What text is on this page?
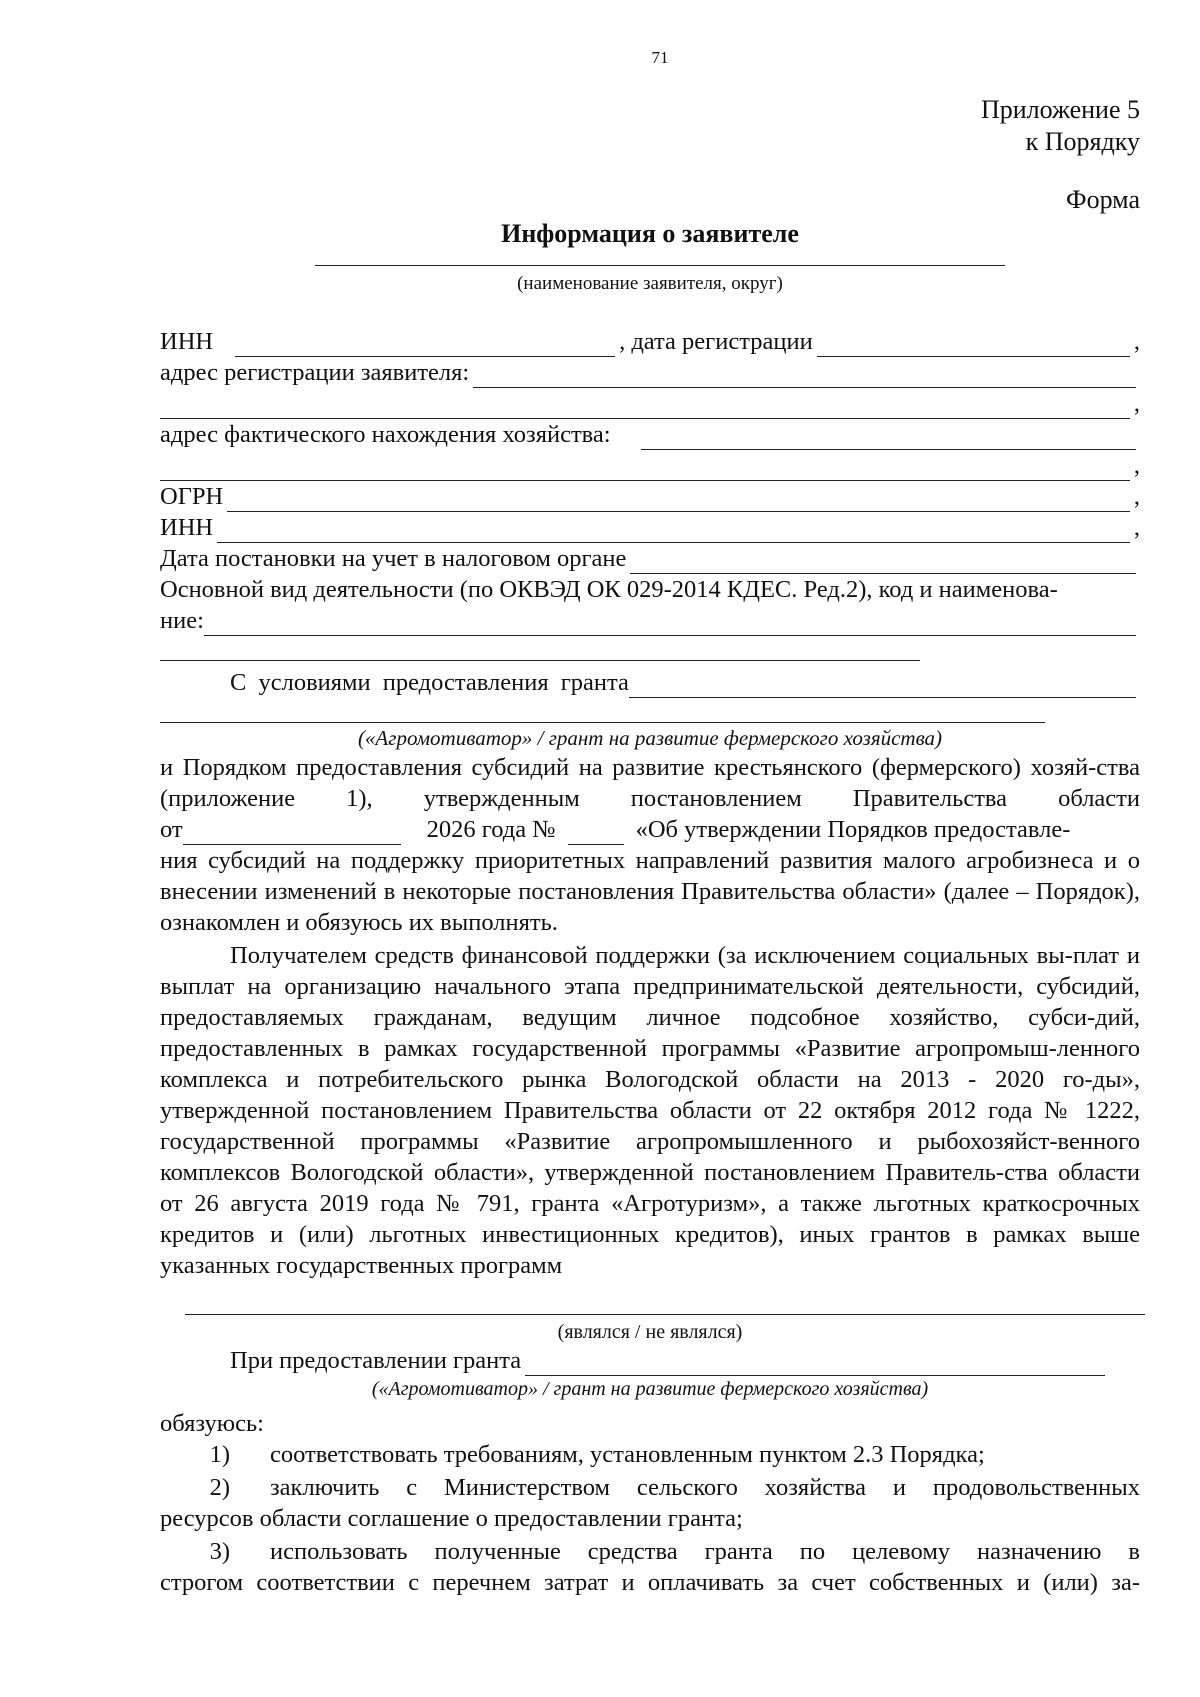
71
Приложение 5
к Порядку
Форма
Информация о заявителе
(наименование заявителя, округ)
ИНН	, дата регистрации	,
адрес регистрации заявителя:
,
адрес фактического нахождения хозяйства:
,
ОГРН	,
ИНН	,
Дата постановки на учет в налоговом органе
Основной вид деятельности (по ОКВЭД ОК 029-2014 КДЕС. Ред.2), код и наименова-
ние:
С условиями предоставления гранта
(«Агромотиватор» / грант на развитие фермерского хозяйства)
и Порядком предоставления субсидий на развитие крестьянского (фермерского) хозяй-ства (приложение 1), утвержденным постановлением Правительства области
от	2026 года №	«Об утверждении Порядков предоставле-
ния субсидий на поддержку приоритетных направлений развития малого агробизнеса и о внесении изменений в некоторые постановления Правительства области» (далее – Порядок), ознакомлен и обязуюсь их выполнять.
Получателем средств финансовой поддержки (за исключением социальных вы-плат и выплат на организацию начального этапа предпринимательской деятельности, субсидий, предоставляемых гражданам, ведущим личное подсобное хозяйство, субси-дий, предоставленных в рамках государственной программы «Развитие агропромыш-ленного комплекса и потребительского рынка Вологодской области на 2013 - 2020 го-ды», утвержденной постановлением Правительства области от 22 октября 2012 года № 1222, государственной программы «Развитие агропромышленного и рыбохозяйст-венного комплексов Вологодской области», утвержденной постановлением Правитель-ства области от 26 августа 2019 года № 791, гранта «Агротуризм», а также льготных краткосрочных кредитов и (или) льготных инвестиционных кредитов), иных грантов в рамках выше указанных государственных программ
(являлся / не являлся)
При предоставлении гранта
(«Агромотиватор» / грант на развитие фермерского хозяйства)
обязуюсь:
1)	соответствовать требованиям, установленным пунктом 2.3 Порядка;
2)	заключить с Министерством сельского хозяйства и продовольственных
ресурсов области соглашение о предоставлении гранта;
3)	использовать полученные средства гранта по целевому назначению в
строгом соответствии с перечнем затрат и оплачивать за счет собственных и (или) за-
